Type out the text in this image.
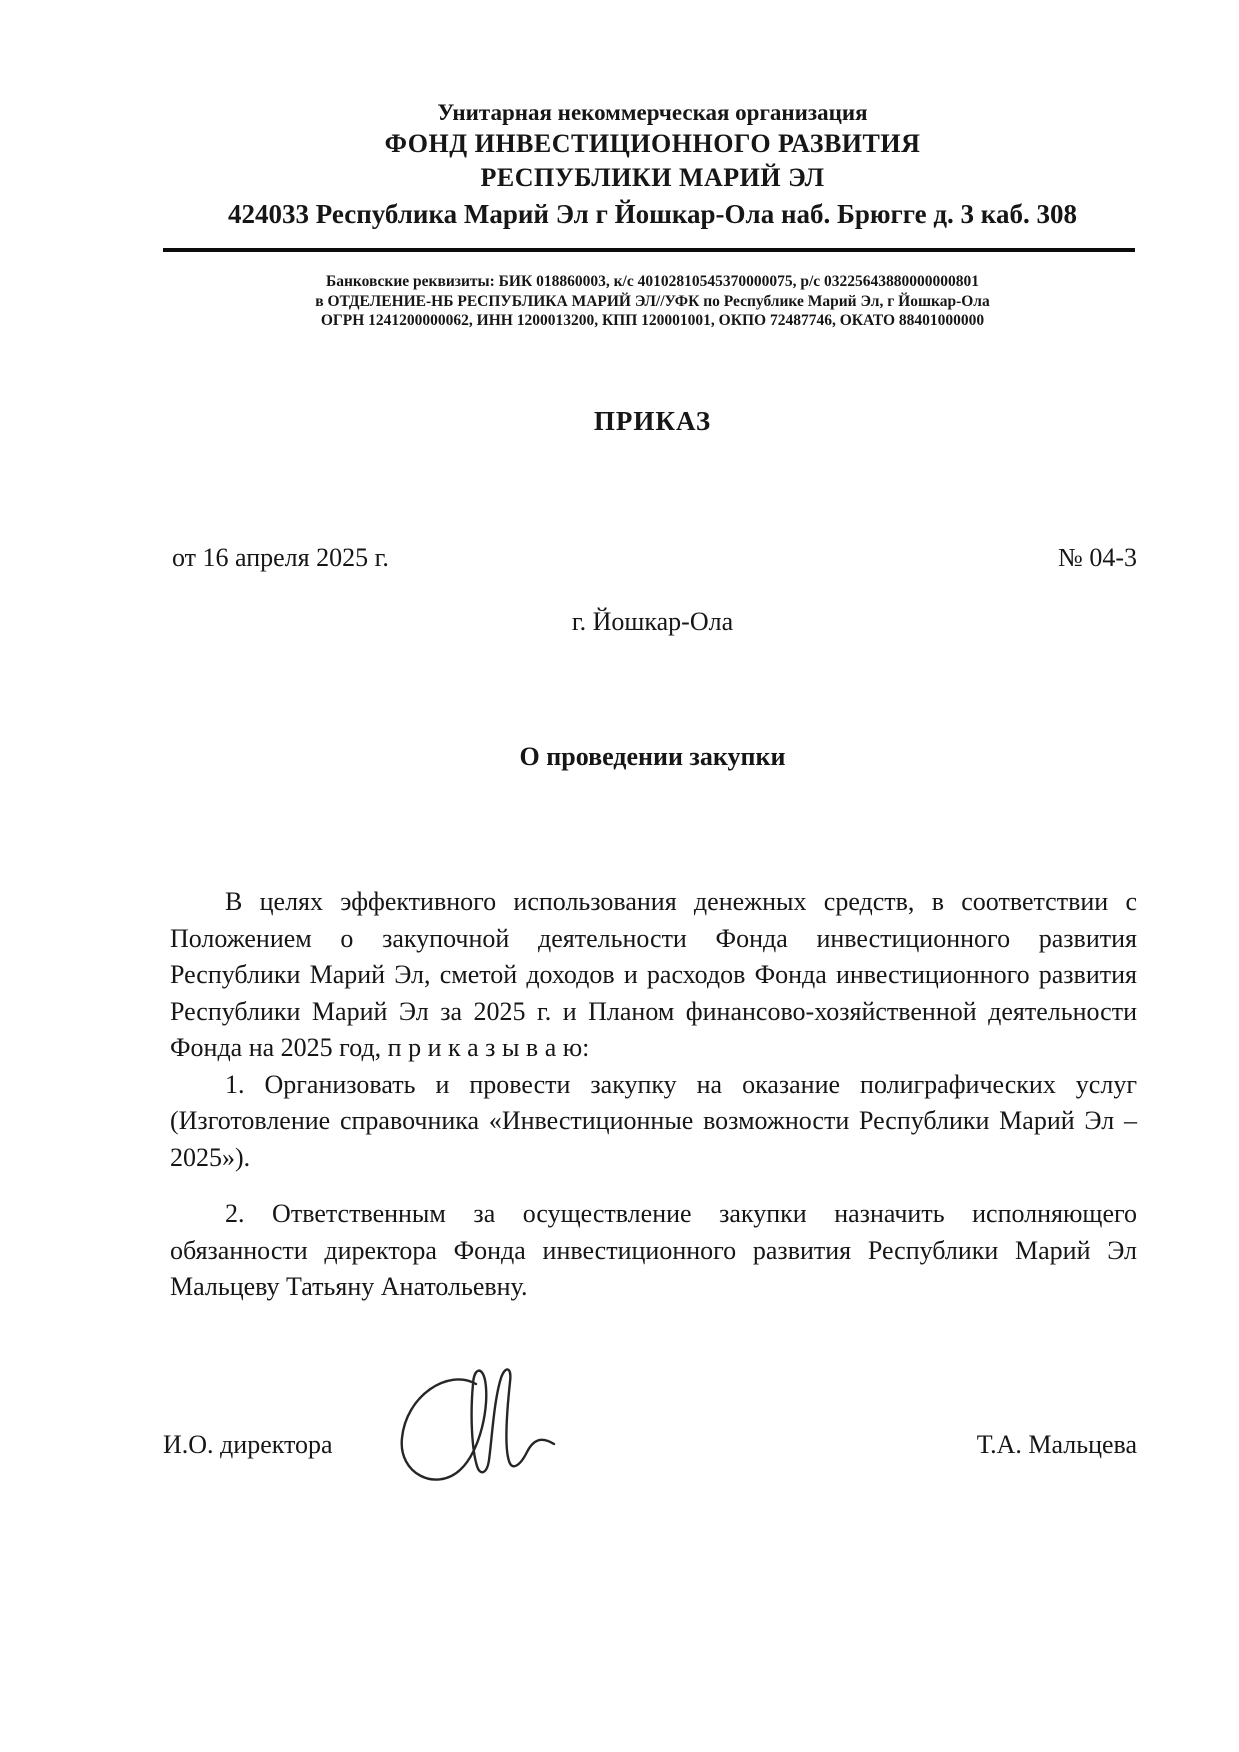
Унитарная некоммерческая организация
ФОНД ИНВЕСТИЦИОННОГО РАЗВИТИЯ
РЕСПУБЛИКИ МАРИЙ ЭЛ
424033 Республика Марий Эл г Йошкар-Ола наб. Брюгге д. 3 каб. 308
Банковские реквизиты: БИК 018860003, к/с 40102810545370000075, р/с 03225643880000000801
в ОТДЕЛЕНИЕ-НБ РЕСПУБЛИКА МАРИЙ ЭЛ//УФК по Республике Марий Эл, г Йошкар-Ола
ОГРН 1241200000062, ИНН 1200013200, КПП 120001001, ОКПО 72487746, ОКАТО 88401000000
ПРИКАЗ
от 16 апреля 2025 г.	№ 04-3
г. Йошкар-Ола
О проведении закупки

В целях эффективного использования денежных средств, в соответствии с Положением о закупочной деятельности Фонда инвестиционного развития Республики Марий Эл, сметой доходов и расходов Фонда инвестиционного развития Республики Марий Эл за 2025 г. и Планом финансово-хозяйственной деятельности Фонда на 2025 год, п р и к а з ы в а ю:

1. Организовать и провести закупку на оказание полиграфических услуг (Изготовление справочника «Инвестиционные возможности Республики Марий Эл – 2025»).

2. Ответственным за осуществление закупки назначить исполняющего обязанности директора Фонда инвестиционного развития Республики Марий Эл Мальцеву Татьяну Анатольевну.

И.О. директора	Т.А. Мальцева
